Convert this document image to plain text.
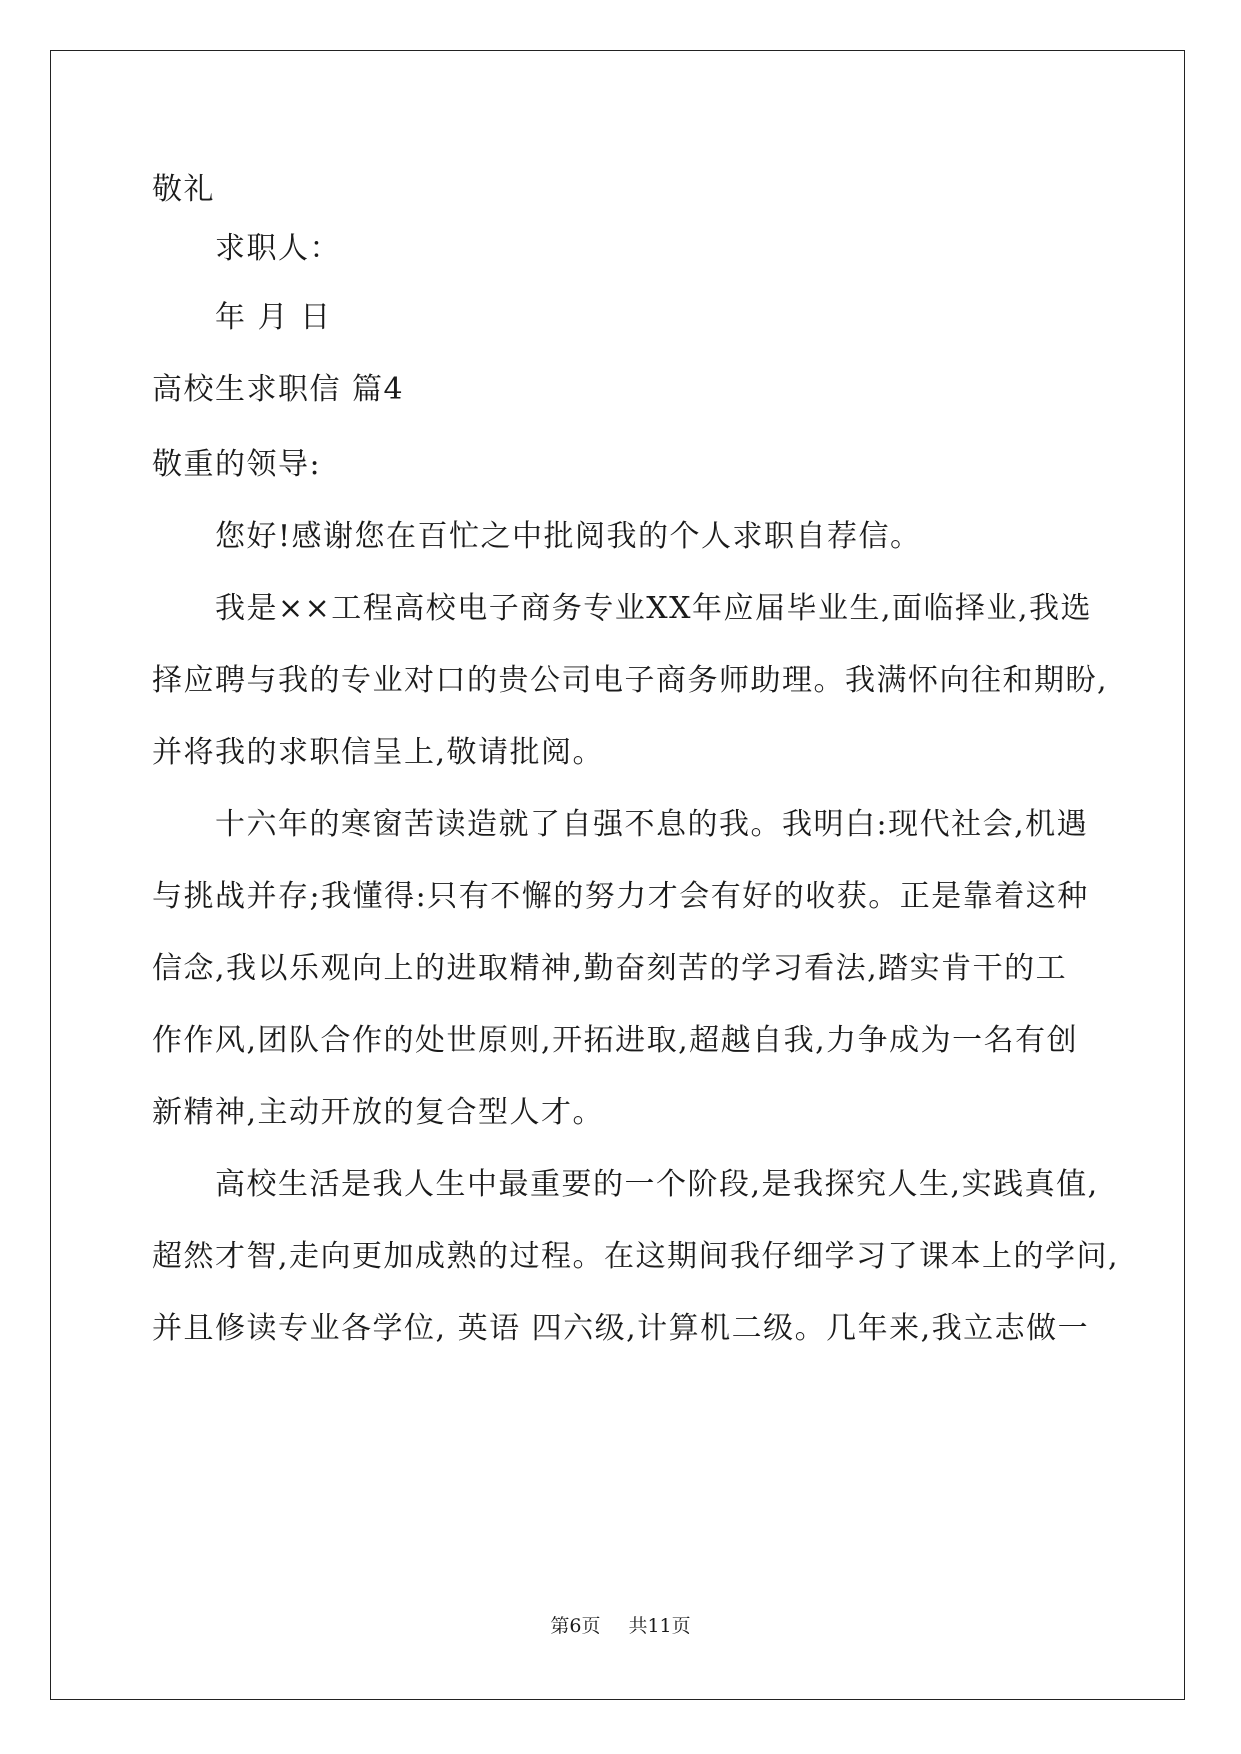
敬礼
求职人：
年 月 日
高校生求职信 篇4
敬重的领导:
您好!感谢您在百忙之中批阅我的个人求职自荐信。
我是××工程高校电子商务专业XX年应届毕业生,面临择业,我选
择应聘与我的专业对口的贵公司电子商务师助理。我满怀向往和期盼,
并将我的求职信呈上,敬请批阅。
十六年的寒窗苦读造就了自强不息的我。我明白:现代社会,机遇
与挑战并存;我懂得:只有不懈的努力才会有好的收获。正是靠着这种
信念,我以乐观向上的进取精神,勤奋刻苦的学习看法,踏实肯干的工
作作风,团队合作的处世原则,开拓进取,超越自我,力争成为一名有创
新精神,主动开放的复合型人才。
高校生活是我人生中最重要的一个阶段,是我探究人生,实践真值,
超然才智,走向更加成熟的过程。在这期间我仔细学习了课本上的学问,
并且修读专业各学位, 英语 四六级,计算机二级。几年来,我立志做一
第6页 共11页
